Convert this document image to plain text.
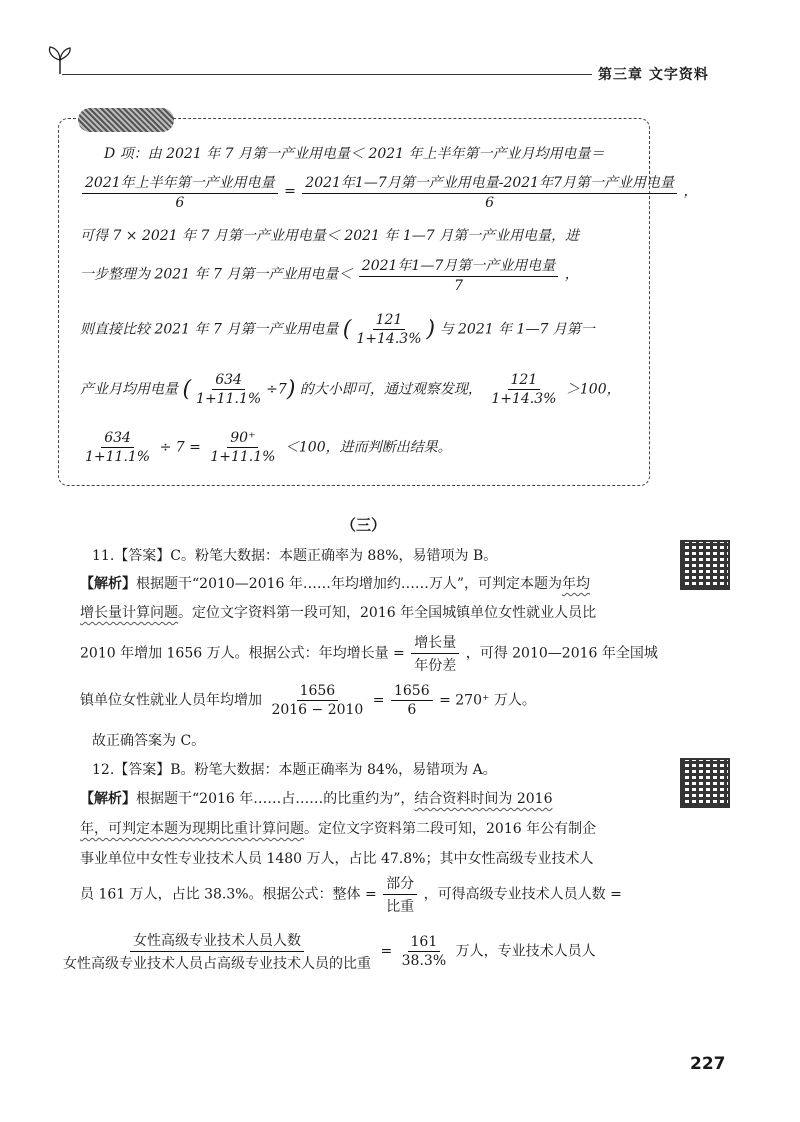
第三章 文字资料
D 项：由 2021 年 7 月第一产业用电量＜ 2021 年上半年第一产业月均用电量＝
$\frac{\text{2021年上半年第一产业用电量}}{6} = \frac{\text{2021年1—7月第一产业用电量-2021年7月第一产业用电量}}{6}$ ，
可得 7 × 2021 年 7 月第一产业用电量＜ 2021 年 1—7 月第一产业用电量，进
一步整理为 2021 年 7 月第一产业用电量＜ $\frac{\text{2021年1—7月第一产业用电量}}{7}$ ，
则直接比较 2021 年 7 月第一产业用电量 ( $\frac{121}{1+14.3\%}$ ) 与 2021 年 1—7 月第一
产业月均用电量 ( $\frac{634}{1+11.1\%} \div 7$) 的大小即可，通过观察发现， $\frac{121}{1+14.3\%} >100$，
$\frac{634}{1+11.1\%} \div 7 = \frac{90^+}{1+11.1\%} <100$，进而判断出结果。
（三）
11.【答案】C。粉笔大数据：本题正确率为 88%，易错项为 B。
【解析】根据题干“2010—2016 年……年均增加约……万人”，可判定本题为年均
增长量计算问题。定位文字资料第一段可知，2016 年全国城镇单位女性就业人员比
2010 年增加 1656 万人。根据公式：年均增长量 = $\frac{\text{增长量}}{\text{年份差}}$ ，可得 2010—2016 年全国城
镇单位女性就业人员年均增加 $\frac{1656}{2016 - 2010} = \frac{1656}{6} = 270^+$ 万人。
故正确答案为 C。
12.【答案】B。粉笔大数据：本题正确率为 84%，易错项为 A。
【解析】根据题干“2016 年……占……的比重约为”，结合资料时间为 2016
年，可判定本题为现期比重计算问题。定位文字资料第二段可知，2016 年公有制企
事业单位中女性专业技术人员 1480 万人，占比 47.8%；其中女性高级专业技术人
员 161 万人，占比 38.3%。根据公式：整体 = $\frac{\text{部分}}{\text{比重}}$ ，可得高级专业技术人员人数 =
$\frac{\text{女性高级专业技术人员人数}}{\text{女性高级专业技术人员占高级专业技术人员的比重}} = \frac{161}{38.3\%}$ 万人，专业技术人员人
227
